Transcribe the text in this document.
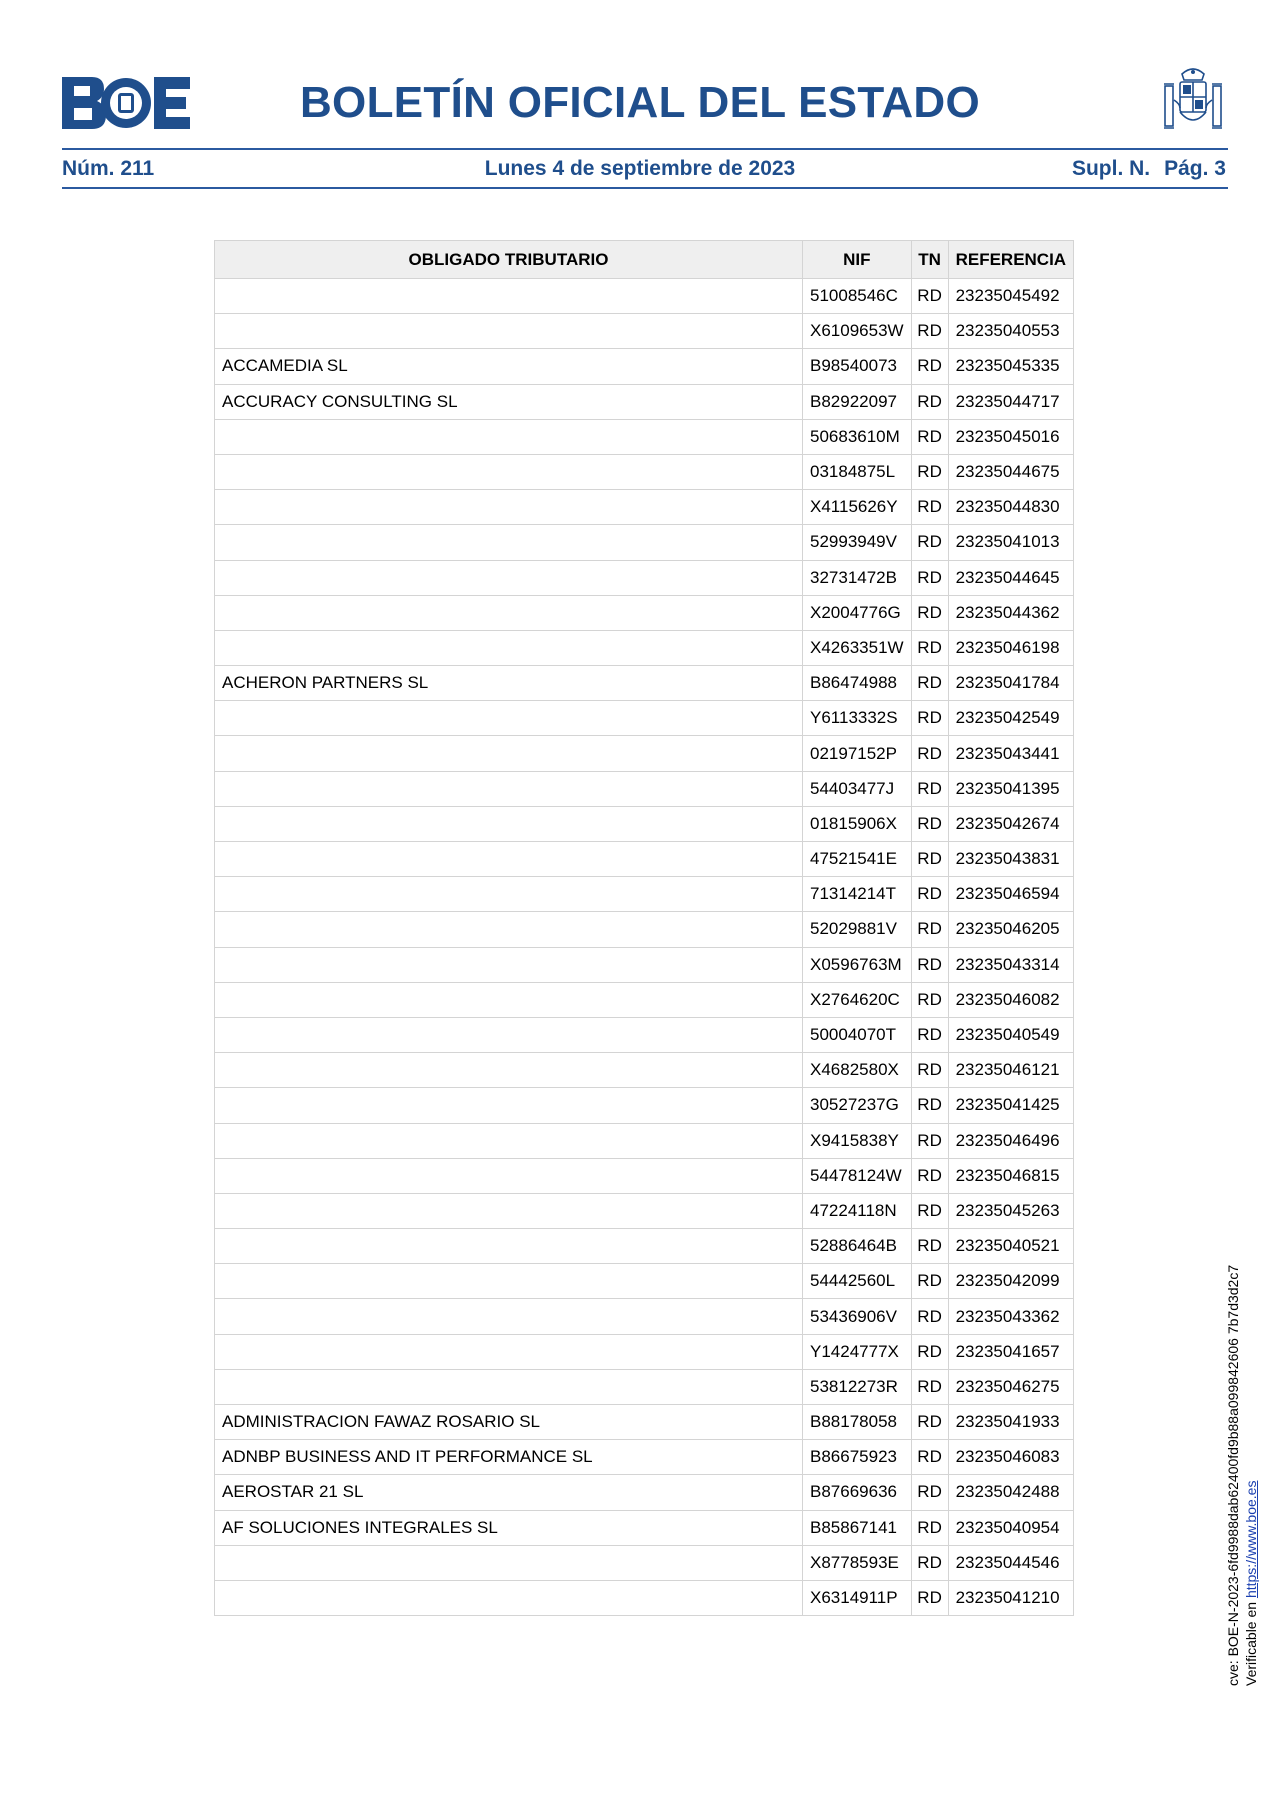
BOLETÍN OFICIAL DEL ESTADO
Núm. 211	Lunes 4 de septiembre de 2023	Supl. N. Pág. 3
OBLIGADO TRIBUTARIO	NIF	TN	REFERENCIA
	51008546C	RD	23235045492
	X6109653W	RD	23235040553
ACCAMEDIA SL	B98540073	RD	23235045335
ACCURACY CONSULTING SL	B82922097	RD	23235044717
	50683610M	RD	23235045016
	03184875L	RD	23235044675
	X4115626Y	RD	23235044830
	52993949V	RD	23235041013
	32731472B	RD	23235044645
	X2004776G	RD	23235044362
	X4263351W	RD	23235046198
ACHERON PARTNERS SL	B86474988	RD	23235041784
	Y6113332S	RD	23235042549
	02197152P	RD	23235043441
	54403477J	RD	23235041395
	01815906X	RD	23235042674
	47521541E	RD	23235043831
	71314214T	RD	23235046594
	52029881V	RD	23235046205
	X0596763M	RD	23235043314
	X2764620C	RD	23235046082
	50004070T	RD	23235040549
	X4682580X	RD	23235046121
	30527237G	RD	23235041425
	X9415838Y	RD	23235046496
	54478124W	RD	23235046815
	47224118N	RD	23235045263
	52886464B	RD	23235040521
	54442560L	RD	23235042099
	53436906V	RD	23235043362
	Y1424777X	RD	23235041657
	53812273R	RD	23235046275
ADMINISTRACION FAWAZ ROSARIO SL	B88178058	RD	23235041933
ADNBP BUSINESS AND IT PERFORMANCE SL	B86675923	RD	23235046083
AEROSTAR 21 SL	B87669636	RD	23235042488
AF SOLUCIONES INTEGRALES SL	B85867141	RD	23235040954
	X8778593E	RD	23235044546
	X6314911P	RD	23235041210	cve: BOE-N-2023-6fd9988dab62400fd9b88a099842606 7b7d3d2c7 Verificable en https://www.boe.es
